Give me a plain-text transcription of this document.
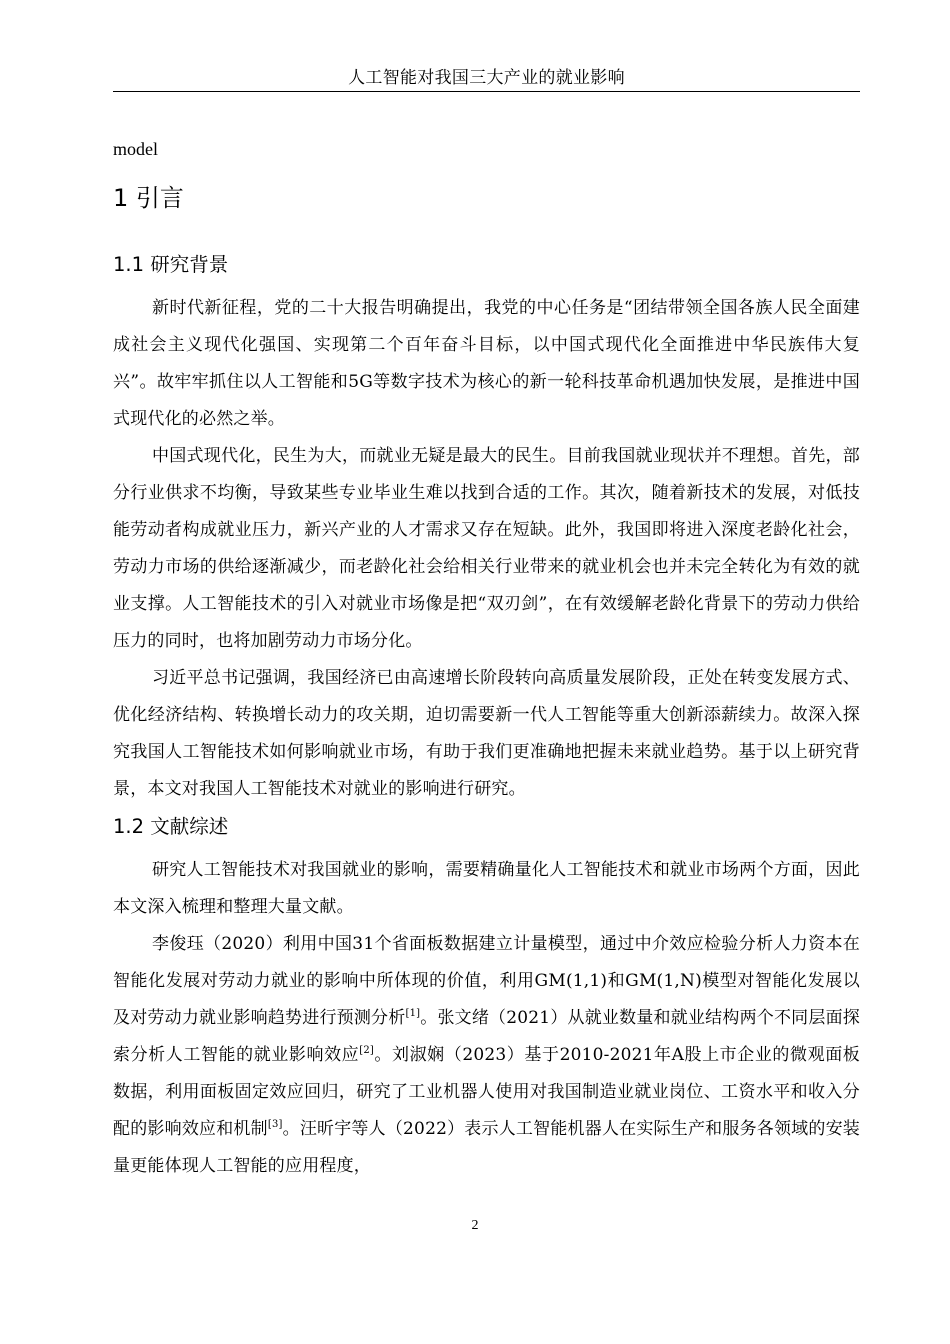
人工智能对我国三大产业的就业影响

model

1 引言
1.1 研究背景

新时代新征程，党的二十大报告明确提出，我党的中心任务是“团结带领全国各族人民全面建成社会主义现代化强国、实现第二个百年奋斗目标，以中国式现代化全面推进中华民族伟大复兴”。故牢牢抓住以人工智能和5G等数字技术为核心的新一轮科技革命机遇加快发展，是推进中国式现代化的必然之举。

中国式现代化，民生为大，而就业无疑是最大的民生。目前我国就业现状并不理想。首先，部分行业供求不均衡，导致某些专业毕业生难以找到合适的工作。其次，随着新技术的发展，对低技能劳动者构成就业压力，新兴产业的人才需求又存在短缺。此外，我国即将进入深度老龄化社会，劳动力市场的供给逐渐减少，而老龄化社会给相关行业带来的就业机会也并未完全转化为有效的就业支撑。人工智能技术的引入对就业市场像是把“双刃剑”，在有效缓解老龄化背景下的劳动力供给压力的同时，也将加剧劳动力市场分化。

习近平总书记强调，我国经济已由高速增长阶段转向高质量发展阶段，正处在转变发展方式、优化经济结构、转换增长动力的攻关期，迫切需要新一代人工智能等重大创新添薪续力。故深入探究我国人工智能技术如何影响就业市场，有助于我们更准确地把握未来就业趋势。基于以上研究背景，本文对我国人工智能技术对就业的影响进行研究。

1.2 文献综述

研究人工智能技术对我国就业的影响，需要精确量化人工智能技术和就业市场两个方面，因此本文深入梳理和整理大量文献。

李俊珏（2020）利用中国31个省面板数据建立计量模型，通过中介效应检验分析人力资本在智能化发展对劳动力就业的影响中所体现的价值，利用GM(1,1)和GM(1,N)模型对智能化发展以及对劳动力就业影响趋势进行预测分析[1]。张文绪（2021）从就业数量和就业结构两个不同层面探索分析人工智能的就业影响效应[2]。刘淑娴（2023）基于2010-2021年A股上市企业的微观面板数据，利用面板固定效应回归，研究了工业机器人使用对我国制造业就业岗位、工资水平和收入分配的影响效应和机制[3]。汪昕宇等人（2022）表示人工智能机器人在实际生产和服务各领域的安装量更能体现人工智能的应用程度，

2
